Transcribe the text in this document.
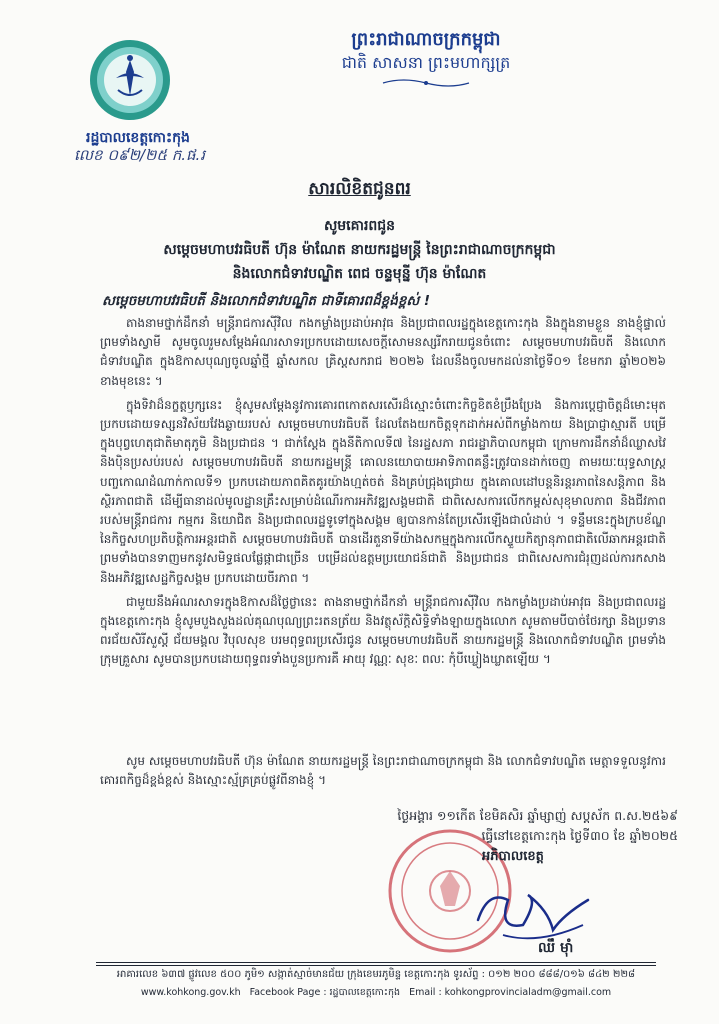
រដ្ឋបាលខេត្តកោះកុង
លេខ ០៩២/២៥ ក.ផ.រ
ព្រះរាជាណាចក្រកម្ពុជា
ជាតិ សាសនា ព្រះមហាក្សត្រ
សារលិខិតជូនពរ
សូមគោរពជូន
សម្តេចមហាបវរធិបតី ហ៊ុន ម៉ាណែត នាយករដ្ឋមន្ត្រី នៃព្រះរាជាណាចក្រកម្ពុជា
និងលោកជំទាវបណ្ឌិត ពេជ ចន្ទមុន្នី ហ៊ុន ម៉ាណែត
សម្តេចមហាបវរធិបតី និងលោកជំទាវបណ្ឌិត ជាទីគោរពដ៏ខ្ពង់ខ្ពស់ !

តាងនាមថ្នាក់ដឹកនាំ មន្ត្រីរាជការស៊ីវិល កងកម្លាំងប្រដាប់អាវុធ និងប្រជាពលរដ្ឋក្នុងខេត្តកោះកុង និងក្នុងនាមខ្លួន នាងខ្ញុំផ្ទាល់ ព្រមទាំងស្វាមី សូមចូលរួមសម្តែងអំណរសាទរប្រកបដោយសេចក្តីសោមនស្សរីករាយជូនចំពោះ សម្តេចមហាបវរធិបតី និងលោកជំទាវបណ្ឌិត ក្នុងឱកាសបុណ្យចូលឆ្នាំថ្មី ឆ្នាំសកល គ្រិស្តសករាជ ២០២៦ ដែលនឹងចូលមកដល់នាថ្ងៃទី០១ ខែមករា ឆ្នាំ២០២៦ ខាងមុខនេះ ។

ក្នុងទិវាដ៏នក្ខត្តឫក្សនេះ ខ្ញុំសូមសម្តែងនូវការគោរពកោតសរសើរដ៏ស្មោះចំពោះកិច្ចខិតខំប្រឹងប្រែង និងការប្តេជ្ញាចិត្តដ៏មោះមុត ប្រកបដោយទស្សនវិស័យវែងឆ្ងាយរបស់ សម្តេចមហាបវរធិបតី ដែលតែងយកចិត្តទុកដាក់អស់ពីកម្លាំងកាយ និងប្រាជ្ញាស្មារតី បម្រើក្នុងបុព្វហេតុជាតិមាតុភូមិ និងប្រជាជន ។ ជាក់ស្តែង ក្នុងនីតិកាលទី៧ នៃរដ្ឋសភា រាជរដ្ឋាភិបាលកម្ពុជា ក្រោមការដឹកនាំដ៏ឈ្លាសវៃ និងប៉ិនប្រសប់របស់ សម្តេចមហាបវរធិបតី នាយករដ្ឋមន្ត្រី គោលនយោបាយអាទិភាពគន្លឹះត្រូវបានដាក់ចេញ តាមរយៈយុទ្ធសាស្ត្របញ្ចកោណដំណាក់កាលទី១ ប្រកបដោយភាពគិតគូរយ៉ាងហ្មត់ចត់ និងគ្រប់ជ្រុងជ្រោយ ក្នុងគោលដៅបន្តនិរន្តរភាពនៃសន្តិភាព និងស្ថិរភាពជាតិ ដើម្បីធានាដល់មូលដ្ឋានគ្រឹះសម្រាប់ដំណើរការអភិវឌ្ឍសង្គមជាតិ ជាពិសេសការលើកកម្ពស់សុខុមាលភាព និងជីវភាពរបស់មន្ត្រីរាជការ កម្មករ និយោជិត និងប្រជាពលរដ្ឋទូទៅក្នុងសង្គម ឲ្យបានកាន់តែប្រសើរឡើងជាលំដាប់ ។ ទន្ទឹមនេះក្នុងក្របខ័ណ្ឌនៃកិច្ចសហប្រតិបត្តិការអន្តរជាតិ សម្តេចមហាបវរធិបតី បានដើរតួនាទីយ៉ាងសកម្មក្នុងការលើកស្ទួយកិត្យានុភាពជាតិលើឆាកអន្តរជាតិ ព្រមទាំងបានទាញមកនូវសមិទ្ធផលផ្លែផ្កាជាច្រើន បម្រើដល់ឧត្តមប្រយោជន៍ជាតិ និងប្រជាជន ជាពិសេសការជំរុញដល់ការកសាង និងអភិវឌ្ឍសេដ្ឋកិច្ចសង្គម ប្រកបដោយចីរភាព ។

ជាមួយនឹងអំណរសាទរក្នុងឱកាសដ៏ថ្លៃថ្លានេះ តាងនាមថ្នាក់ដឹកនាំ មន្ត្រីរាជការស៊ីវិល កងកម្លាំងប្រដាប់អាវុធ និងប្រជាពលរដ្ឋក្នុងខេត្តកោះកុង ខ្ញុំសូមបួងសួងដល់គុណបុណ្យព្រះរតនត្រ័យ និងវត្ថុស័ក្តិសិទ្ធិទាំងឡាយក្នុងលោក សូមតាមបីបាច់ថែរក្សា និងប្រទានពរជ័យសិរីសួស្តី ជ័យមង្គល វិបុលសុខ បរមពុទ្ធពរប្រសើរជូន សម្តេចមហាបវរធិបតី នាយករដ្ឋមន្ត្រី និងលោកជំទាវបណ្ឌិត ព្រមទាំងក្រុមគ្រួសារ សូមបានប្រកបដោយពុទ្ធពរទាំងបួនប្រការគឺ អាយុ វណ្ណៈ សុខៈ ពលៈ កុំបីឃ្លៀងឃ្លាតឡើយ ។

សូម សម្តេចមហាបវរធិបតី ហ៊ុន ម៉ាណែត នាយករដ្ឋមន្ត្រី នៃព្រះរាជាណាចក្រកម្ពុជា និង លោកជំទាវបណ្ឌិត មេត្តាទទួលនូវការគោរពកិច្ចដ៏ខ្ពង់ខ្ពស់ និងស្មោះស្ម័គ្រគ្រប់ផ្លូវពីនាងខ្ញុំ ។
ថ្ងៃអង្គារ ១១កើត ខែមិគសិរ ឆ្នាំម្សាញ់ សប្តស័ក ព.ស.២៥៦៩
ធ្វើនៅខេត្តកោះកុង ថ្ងៃទី៣០ ខែ ឆ្នាំ២០២៥
អភិបាលខេត្ត
ឈឹ ម៉ាំ
អាគារលេខ ៦៣៧ ផ្លូវលេខ ៥០០ ភូមិ១ សង្កាត់ស្មាច់មានជ័យ ក្រុងខេមរភូមិន្ទ ខេត្តកោះកុង ទូរស័ព្ទ : ០១២ ២០០ ៨៨៨/០១៦ ៨៤២ ២២៨
www.kohkong.gov.kh Facebook Page : រដ្ឋបាលខេត្តកោះកុង Email : kohkongprovincialadm@gmail.com
